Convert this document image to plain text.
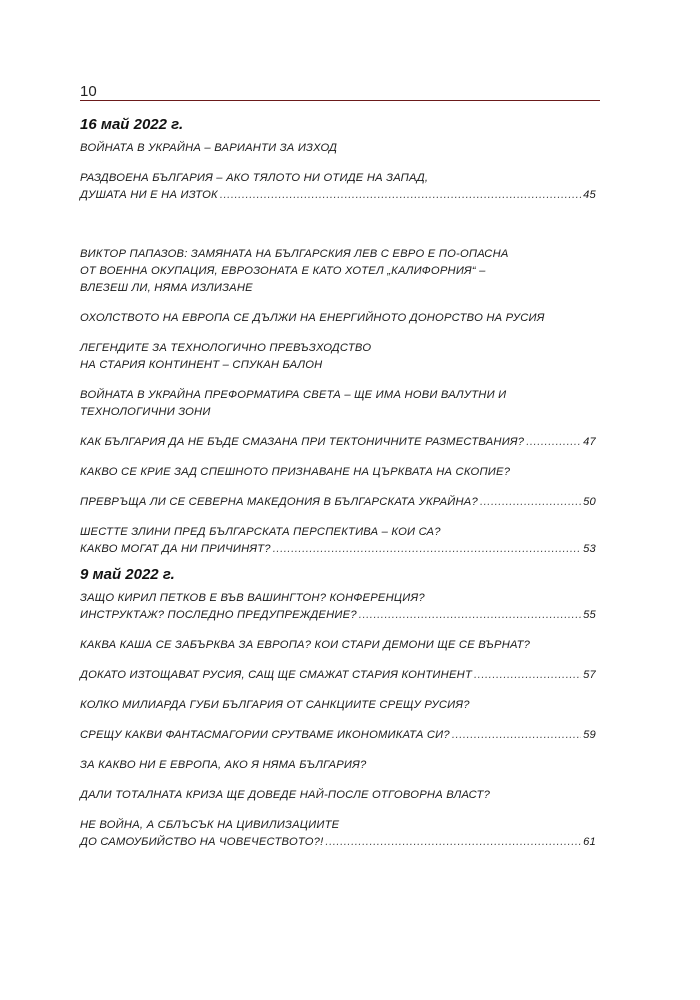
10
16 май 2022 г.
ВОЙНАТА В УКРАЙНА – ВАРИАНТИ ЗА ИЗХОД
РАЗДВОЕНА БЪЛГАРИЯ – АКО ТЯЛОТО НИ ОТИДЕ НА ЗАПАД,
ДУШАТА НИ Е НА ИЗТОК .....	45
ВИКТОР ПАПАЗОВ: ЗАМЯНАТА НА БЪЛГАРСКИЯ ЛЕВ С ЕВРО Е ПО-ОПАСНА
ОТ ВОЕННА ОКУПАЦИЯ, ЕВРОЗОНАТА Е КАТО ХОТЕЛ „КАЛИФОРНИЯ“ –
ВЛЕЗЕШ ЛИ, НЯМА ИЗЛИЗАНЕ
ОХОЛСТВОТО НА ЕВРОПА СЕ ДЪЛЖИ НА ЕНЕРГИЙНОТО ДОНОРСТВО НА РУСИЯ
ЛЕГЕНДИТЕ ЗА ТЕХНОЛОГИЧНО ПРЕВЪЗХОДСТВО
НА СТАРИЯ КОНТИНЕНТ – СПУКАН БАЛОН
ВОЙНАТА В УКРАЙНА ПРЕФОРМАТИРА СВЕТА – ЩЕ ИМА НОВИ ВАЛУТНИ И
ТЕХНОЛОГИЧНИ ЗОНИ
КАК БЪЛГАРИЯ ДА НЕ БЪДЕ СМАЗАНА ПРИ ТЕКТОНИЧНИТЕ РАЗМЕСТВАНИЯ? .....	47
КАКВО СЕ КРИЕ ЗАД СПЕШНОТО ПРИЗНАВАНЕ НА ЦЪРКВАТА НА СКОПИЕ?
ПРЕВРЪЩА ЛИ СЕ СЕВЕРНА МАКЕДОНИЯ В БЪЛГАРСКАТА УКРАЙНА? .....	50
ШЕСТТЕ ЗЛИНИ ПРЕД БЪЛГАРСКАТА ПЕРСПЕКТИВА – КОИ СА?
КАКВО МОГАТ ДА НИ ПРИЧИНЯТ? .....	53
9 май 2022 г.
ЗАЩО КИРИЛ ПЕТКОВ Е ВЪВ ВАШИНГТОН? КОНФЕРЕНЦИЯ?
ИНСТРУКТАЖ? ПОСЛЕДНО ПРЕДУПРЕЖДЕНИЕ? .....	55
КАКВА КАША СЕ ЗАБЪРКВА ЗА ЕВРОПА? КОИ СТАРИ ДЕМОНИ ЩЕ СЕ ВЪРНАТ?
ДОКАТО ИЗТОЩАВАТ РУСИЯ, САЩ ЩЕ СМАЖАТ СТАРИЯ КОНТИНЕНТ .....	57
КОЛКО МИЛИАРДА ГУБИ БЪЛГАРИЯ ОТ САНКЦИИТЕ СРЕЩУ РУСИЯ?
СРЕЩУ КАКВИ ФАНТАСМАГОРИИ СРУТВАМЕ ИКОНОМИКАТА СИ? .....	59
ЗА КАКВО НИ Е ЕВРОПА, АКО Я НЯМА БЪЛГАРИЯ?
ДАЛИ ТОТАЛНАТА КРИЗА ЩЕ ДОВЕДЕ НАЙ-ПОСЛЕ ОТГОВОРНА ВЛАСТ?
НЕ ВОЙНА, А СБЛЪСЪК НА ЦИВИЛИЗАЦИИТЕ
ДО САМОУБИЙСТВО НА ЧОВЕЧЕСТВОТО?! .....	61
